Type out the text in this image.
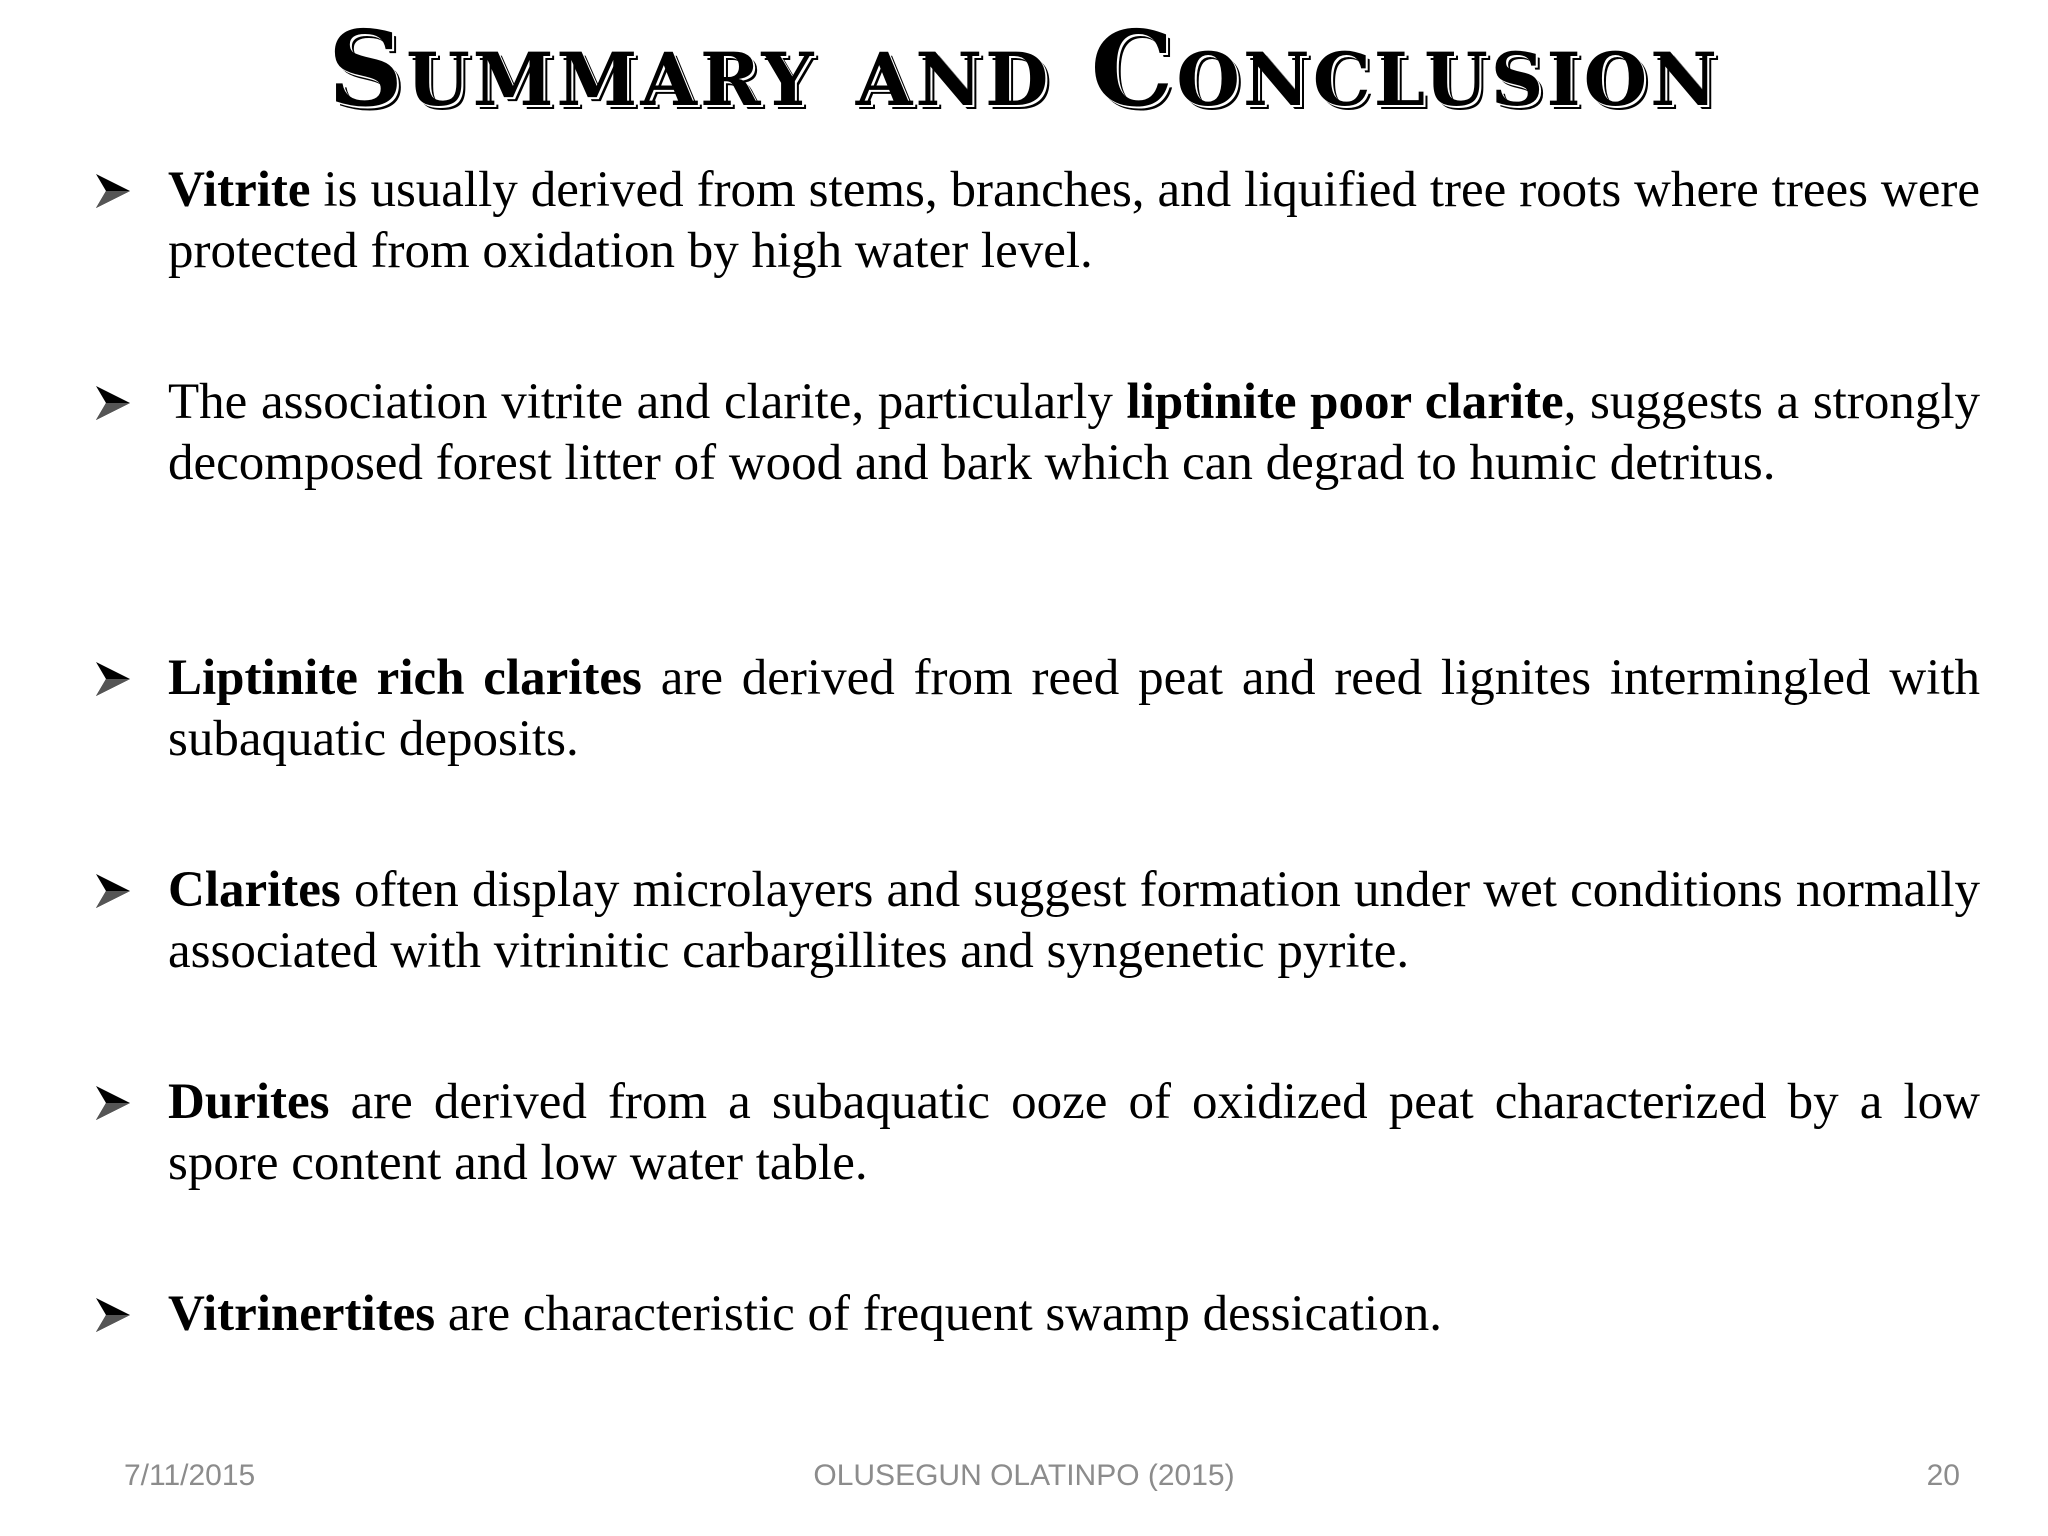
Summary and Conclusion
Vitrite is usually derived from stems, branches, and liquified tree roots where trees were protected from oxidation by high water level.
The association vitrite and clarite, particularly liptinite poor clarite, suggests a strongly decomposed forest litter of wood and bark which can degrad to humic detritus.
Liptinite rich clarites are derived from reed peat and reed lignites intermingled with subaquatic deposits.
Clarites often display microlayers and suggest formation under wet conditions normally associated with vitrinitic carbargillites and syngenetic pyrite.
Durites are derived from a subaquatic ooze of oxidized peat characterized by a low spore content and low water table.
Vitrinertites are characteristic of frequent swamp dessication.
7/11/2015	OLUSEGUN OLATINPO (2015)	20
